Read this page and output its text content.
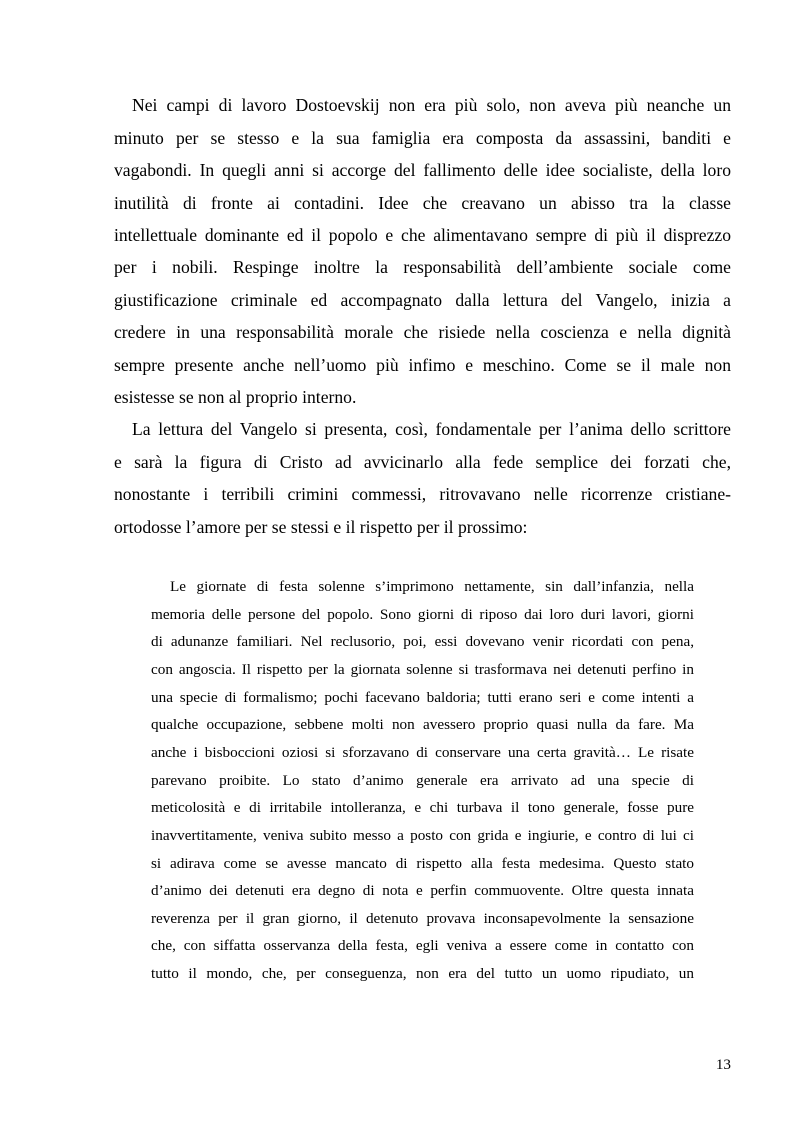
Nei campi di lavoro Dostoevskij non era più solo, non aveva più neanche un

minuto per se stesso e la sua famiglia era composta da assassini, banditi e

vagabondi. In quegli anni si accorge del fallimento delle idee socialiste, della loro

inutilità di fronte ai contadini. Idee che creavano un abisso tra la classe

intellettuale dominante ed il popolo e che alimentavano sempre di più il disprezzo

per i nobili. Respinge inoltre la responsabilità dell’ambiente sociale come

giustificazione criminale ed accompagnato dalla lettura del Vangelo, inizia a

credere in una responsabilità morale che risiede nella coscienza e nella dignità

sempre presente anche nell’uomo più infimo e meschino. Come se il male non

esistesse se non al proprio interno.

La lettura del Vangelo si presenta, così, fondamentale per l’anima dello scrittore

e sarà la figura di Cristo ad avvicinarlo alla fede semplice dei forzati che,

nonostante i terribili crimini commessi, ritrovavano nelle ricorrenze cristiane-

ortodosse l’amore per se stessi e il rispetto per il prossimo:

Le giornate di festa solenne s’imprimono nettamente, sin dall’infanzia, nella

memoria delle persone del popolo. Sono giorni di riposo dai loro duri lavori, giorni

di adunanze familiari. Nel reclusorio, poi, essi dovevano venir ricordati con pena,

con angoscia. Il rispetto per la giornata solenne si trasformava nei detenuti perfino in

una specie di formalismo; pochi facevano baldoria; tutti erano seri e come intenti a

qualche occupazione, sebbene molti non avessero proprio quasi nulla da fare. Ma

anche i bisboccioni oziosi si sforzavano di conservare una certa gravità… Le risate

parevano proibite. Lo stato d’animo generale era arrivato ad una specie di

meticolosità e di irritabile intolleranza, e chi turbava il tono generale, fosse pure

inavvertitamente, veniva subito messo a posto con grida e ingiurie, e contro di lui ci

si adirava come se avesse mancato di rispetto alla festa medesima. Questo stato

d’animo dei detenuti era degno di nota e perfin commuovente. Oltre questa innata

reverenza per il gran giorno, il detenuto provava inconsapevolmente la sensazione

che, con siffatta osservanza della festa, egli veniva a essere come in contatto con

tutto il mondo, che, per conseguenza, non era del tutto un uomo ripudiato, un

13
